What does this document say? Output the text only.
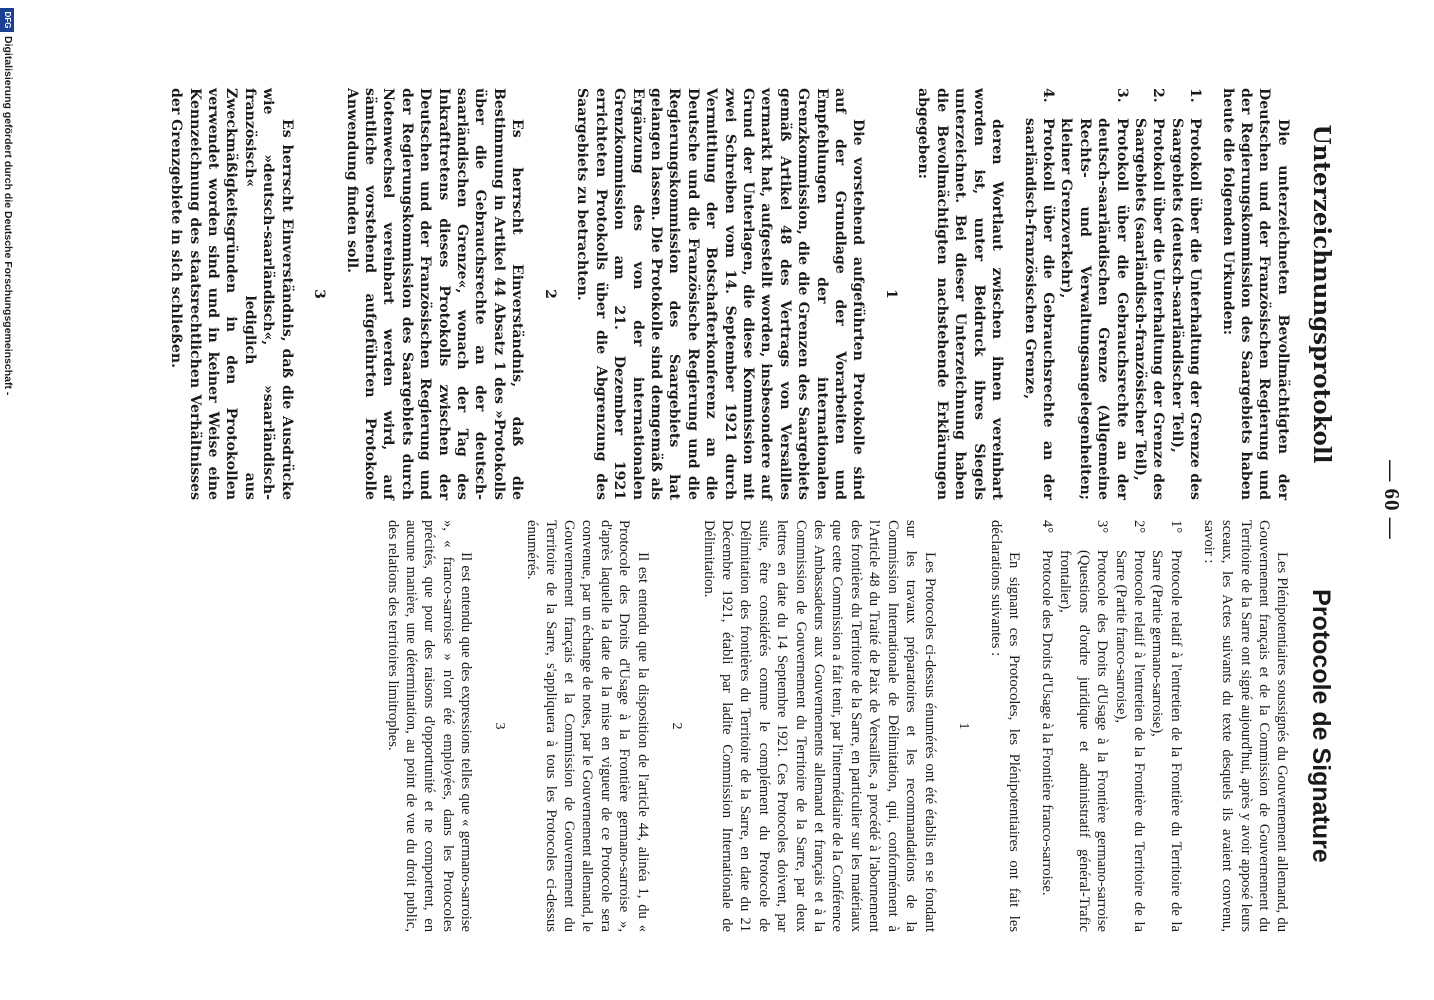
— 60 —
Unterzeichnungsprotokoll

Die unterzeichneten Bevollmächtigten der Deutschen und der Französischen Regierung und der Regierungskommission des Saargebiets haben heute die folgenden Urkunden:

1.
Protokoll über die Unterhaltung der Grenze des Saargebiets (deutsch-saarländischer Teil),
2.
Protokoll über die Unterhaltung der Grenze des Saargebiets (saarländisch-französischer Teil),
3.
Protokoll über die Gebrauchsrechte an der deutsch-saarländischen Grenze (Allgemeine Rechts- und Verwaltungsangelegenheiten; kleiner Grenzverkehr),
4.
Protokoll über die Gebrauchsrechte an der saarländisch-französischen Grenze,

deren Wortlaut zwischen ihnen vereinbart worden ist, unter Beidruck ihres Siegels unterzeichnet. Bei dieser Unterzeichnung haben die Bevollmächtigten nachstehende Erklärungen abgegeben:

1

Die vorstehend aufgeführten Protokolle sind auf der Grundlage der Vorarbeiten und Empfehlungen der internationalen Grenzkommission, die die Grenzen des Saargebiets gemäß Artikel 48 des Vertrags von Versailles vermarkt hat, aufgestellt worden, insbesondere auf Grund der Unterlagen, die diese Kommission mit zwei Schreiben vom 14. September 1921 durch Vermittlung der Botschafterkonferenz an die Deutsche und die Französische Regierung und die Regierungskommission des Saargebiets hat gelangen lassen. Die Protokolle sind demgemäß als Ergänzung des von der internationalen Grenzkommission am 21. Dezember 1921 errichteten Protokolls über die Abgrenzung des Saargebiets zu betrachten.

2

Es herrscht Einverständnis, daß die Bestimmung in Artikel 44 Absatz 1 des »Protokolls über die Gebrauchsrechte an der deutsch-saarländischen Grenze«, wonach der Tag des Inkrafttretens dieses Protokolls zwischen der Deutschen und der Französischen Regierung und der Regierungskommission des Saargebiets durch Notenwechsel vereinbart werden wird, auf sämtliche vorstehend aufgeführten Protokolle Anwendung finden soll.

3

Es herrscht Einverständnis, daß die Ausdrücke wie »deutsch-saarländisch«, »saarländisch-französisch« lediglich aus Zweckmäßigkeitsgründen in den Protokollen verwendet worden sind und in keiner Weise eine Kennzeichnung des staatsrechtlichen Verhältnisses der Grenzgebiete in sich schließen.

Protocole de Signature

Les Plénipotentiaires soussignés du Gouvernement allemand, du Gouvernement français et de la Commission de Gouvernement du Territoire de la Sarre ont signé aujourd'hui, après y avoir apposé leurs sceaux, les Actes suivants du texte desquels ils avaient convenu, savoir :

1°
Protocole relatif à l'entretien de la Frontière du Territoire de la Sarre (Partie germano-sarroise),
2°
Protocole relatif à l'entretien de la Frontière du Territoire de la Sarre (Partie franco-sarroise),
3°
Protocole des Droits d'Usage à la Frontière germano-sarroise (Questions d'ordre juridique et administratif général-Trafic frontalier),
4°
Protocole des Droits d'Usage à la Frontière franco-sarroise.

En signant ces Protocoles, les Plénipotentiaires ont fait les déclarations suivantes :

1

Les Protocoles ci-dessus énumérés ont été établis en se fondant sur les travaux préparatoires et les recommandations de la Commission Internationale de Délimitation, qui, conformément à l'Article 48 du Traité de Paix de Versailles, a procédé à l'abornement des frontières du Territoire de la Sarre, en particulier sur les matériaux que cette Commission a fait tenir, par l'intermédiaire de la Conférence des Ambassadeurs aux Gouvernements allemand et français et à la Commission de Gouvernement du Territoire de la Sarre, par deux lettres en date du 14 Septembre 1921. Ces Protocoles doivent, par suite, être considérés comme le complément du Protocole de Délimitation des frontières du Territoire de la Sarre, en date du 21 Décembre 1921, établi par ladite Commission Internationale de Délimitation.

2

Il est entendu que la disposition de l'article 44, alinéa 1, du « Protocole des Droits d'Usage à la Frontière germano-sarroise », d'après laquelle la date de la mise en vigueur de ce Protocole sera convenue, par un échange de notes, par le Gouvernement allemand, le Gouvernement français et la Commission de Gouvernement du Territoire de la Sarre, s'appliquera à tous les Protocoles ci-dessus énumérés.

3

Il est entendu que des expressions telles que « germano-sarroise », « franco-sarroise » n'ont été employées, dans les Protocoles précités, que pour des raisons d'opportunité et ne comportent, en aucune manière, une détermination, au point de vue du droit public, des relations des territoires limitrophes.

DFGDigitalisierung gefördert durch die Deutsche Forschungsgemeinschaft -
